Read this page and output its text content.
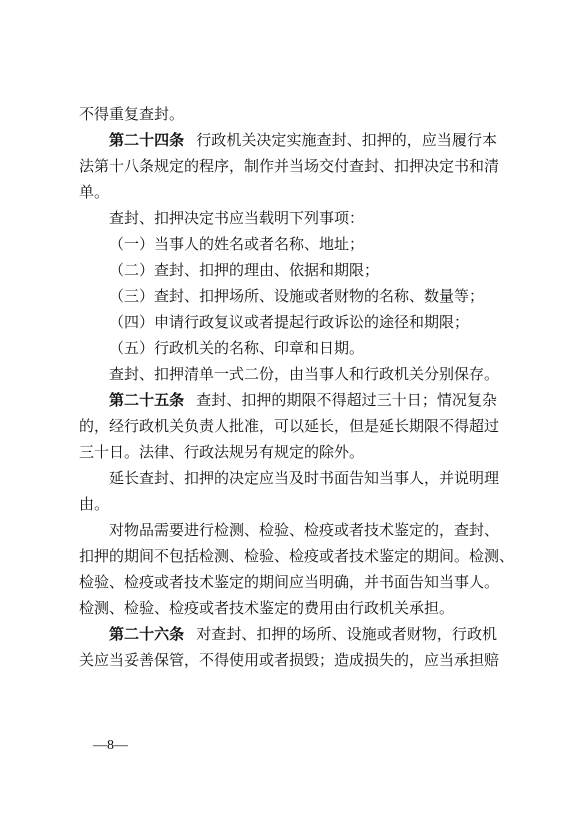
不得重复查封。
第二十四条 行政机关决定实施查封、扣押的，应当履行本
法第十八条规定的程序，制作并当场交付查封、扣押决定书和清
单。
查封、扣押决定书应当载明下列事项：
（一）当事人的姓名或者名称、地址；
（二）查封、扣押的理由、依据和期限；
（三）查封、扣押场所、设施或者财物的名称、数量等；
（四）申请行政复议或者提起行政诉讼的途径和期限；
（五）行政机关的名称、印章和日期。
查封、扣押清单一式二份，由当事人和行政机关分别保存。
第二十五条 查封、扣押的期限不得超过三十日；情况复杂
的，经行政机关负责人批准，可以延长，但是延长期限不得超过
三十日。法律、行政法规另有规定的除外。
延长查封、扣押的决定应当及时书面告知当事人，并说明理
由。
对物品需要进行检测、检验、检疫或者技术鉴定的，查封、
扣押的期间不包括检测、检验、检疫或者技术鉴定的期间。检测、
检验、检疫或者技术鉴定的期间应当明确，并书面告知当事人。
检测、检验、检疫或者技术鉴定的费用由行政机关承担。
第二十六条 对查封、扣押的场所、设施或者财物，行政机
关应当妥善保管，不得使用或者损毁；造成损失的，应当承担赔
—8—
